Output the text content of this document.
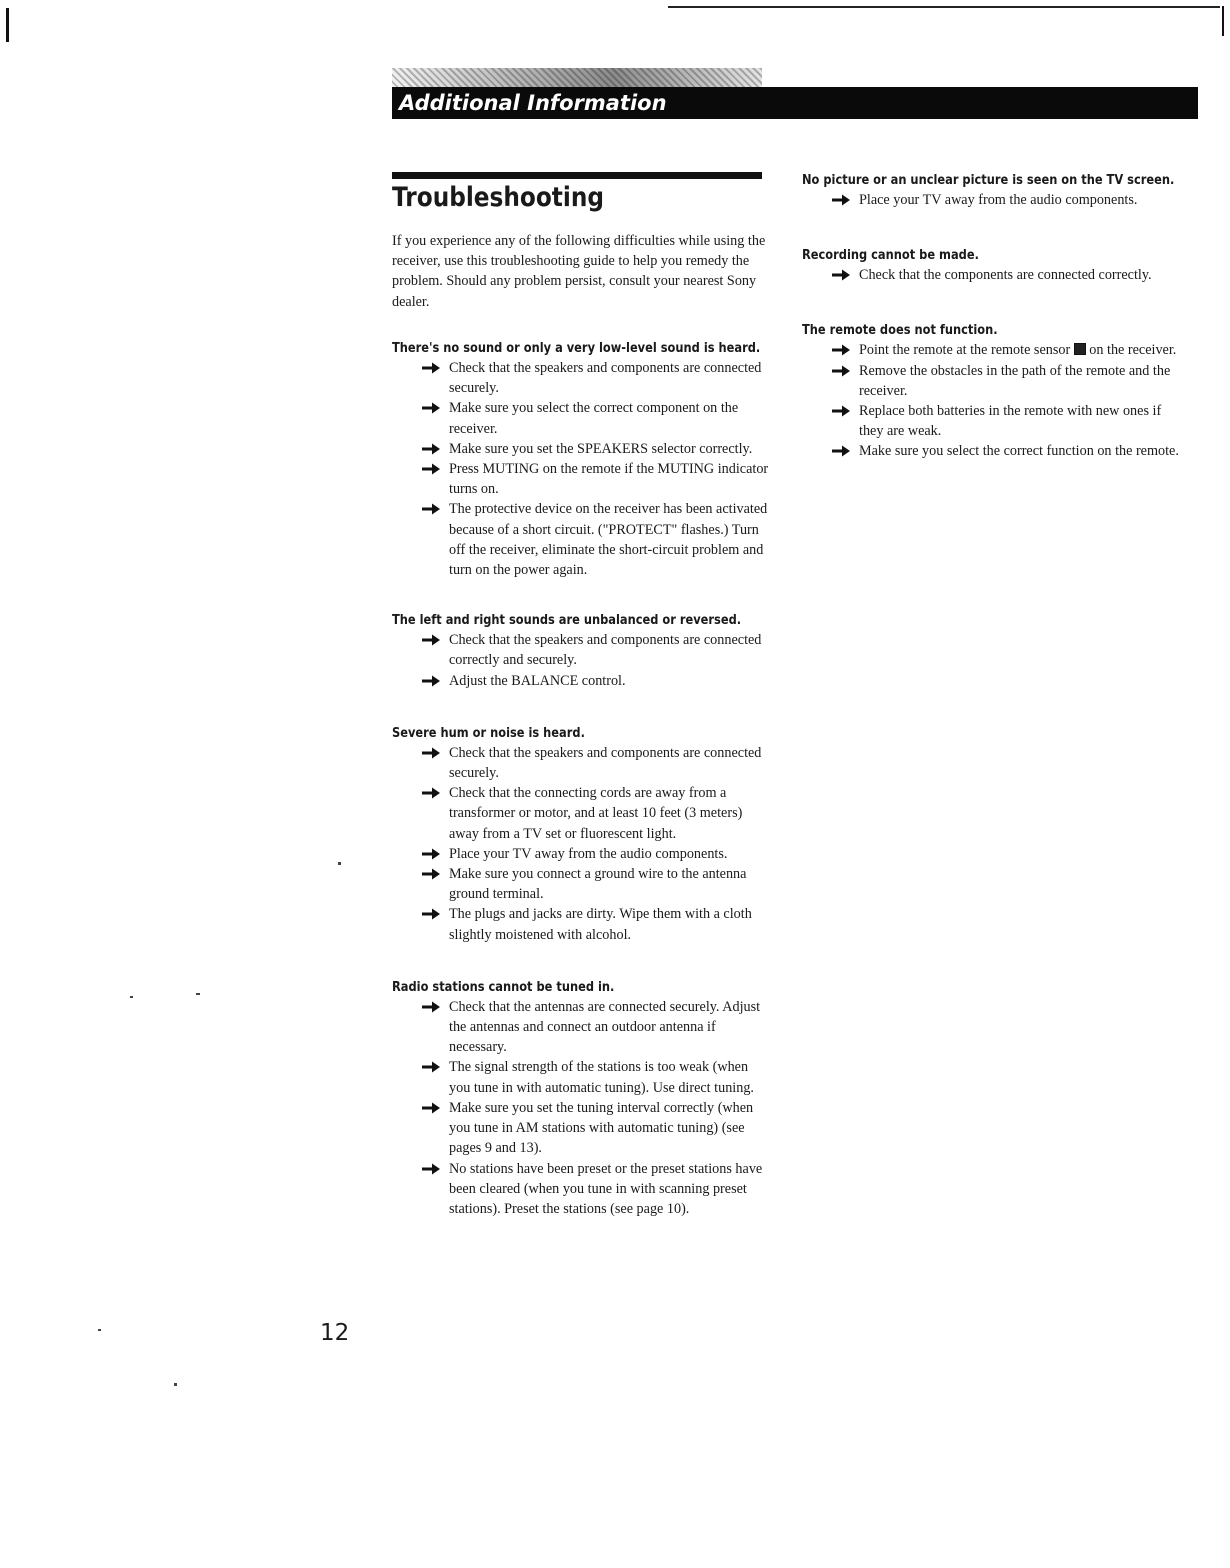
Additional Information
Troubleshooting
If you experience any of the following difficulties while using the receiver, use this troubleshooting guide to help you remedy the problem. Should any problem persist, consult your nearest Sony dealer.

There's no sound or only a very low-level sound is heard.

Check that the speakers and components are connected securely.
Make sure you select the correct component on the receiver.
Make sure you set the SPEAKERS selector correctly.
Press MUTING on the remote if the MUTING indicator turns on.
The protective device on the receiver has been activated because of a short circuit. ("PROTECT" flashes.) Turn off the receiver, eliminate the short-circuit problem and turn on the power again.

The left and right sounds are unbalanced or reversed.

Check that the speakers and components are connected correctly and securely.
Adjust the BALANCE control.

Severe hum or noise is heard.

Check that the speakers and components are connected securely.
Check that the connecting cords are away from a transformer or motor, and at least 10 feet (3 meters) away from a TV set or fluorescent light.
Place your TV away from the audio components.
Make sure you connect a ground wire to the antenna ground terminal.
The plugs and jacks are dirty. Wipe them with a cloth slightly moistened with alcohol.

Radio stations cannot be tuned in.

Check that the antennas are connected securely. Adjust the antennas and connect an outdoor antenna if necessary.
The signal strength of the stations is too weak (when you tune in with automatic tuning). Use direct tuning.
Make sure you set the tuning interval correctly (when you tune in AM stations with automatic tuning) (see pages 9 and 13).
No stations have been preset or the preset stations have been cleared (when you tune in with scanning preset stations). Preset the stations (see page 10).

No picture or an unclear picture is seen on the TV screen.

Place your TV away from the audio components.

Recording cannot be made.

Check that the components are connected correctly.

The remote does not function.

Point the remote at the remote sensor on the receiver.
Remove the obstacles in the path of the remote and the receiver.
Replace both batteries in the remote with new ones if they are weak.
Make sure you select the correct function on the remote.
12
